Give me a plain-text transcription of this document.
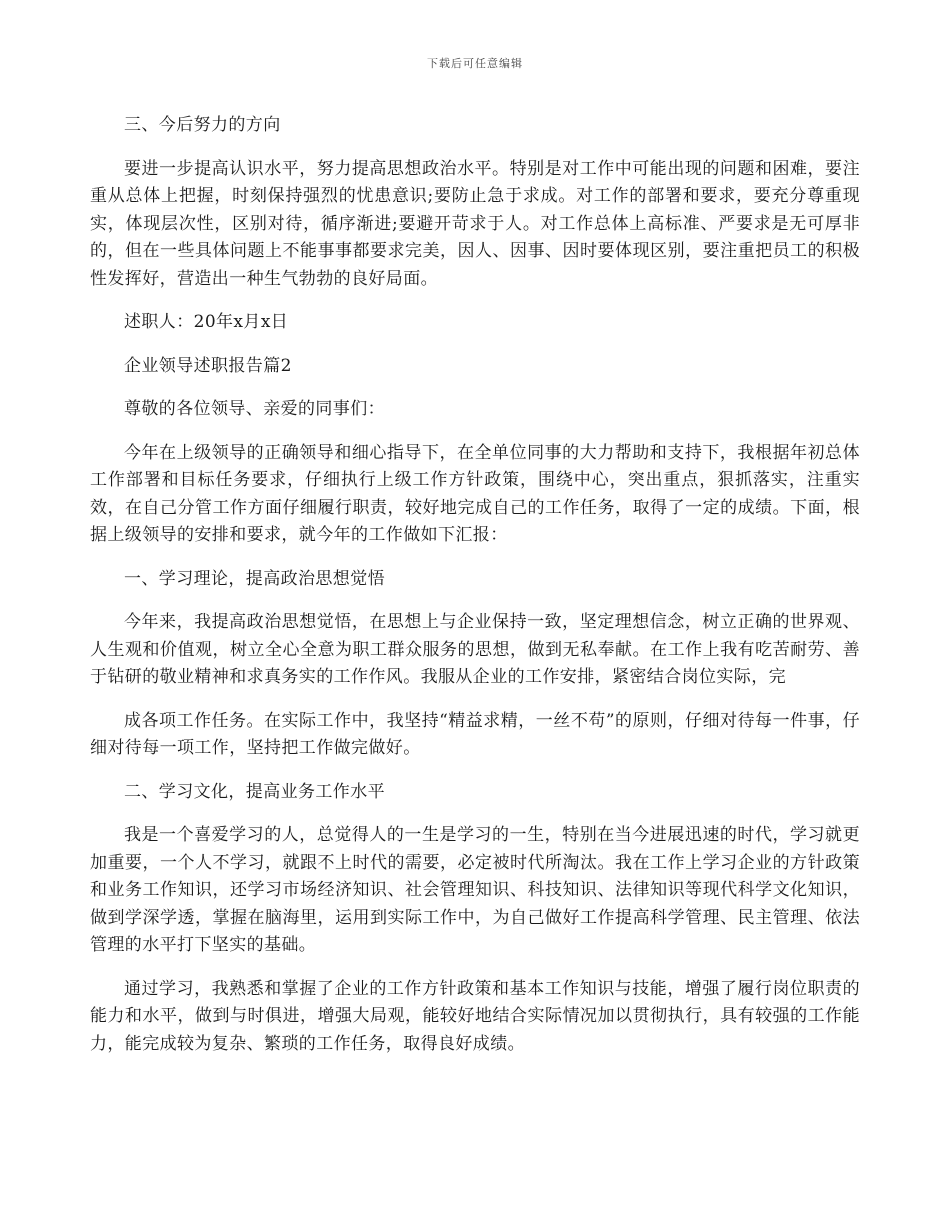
下载后可任意编辑

三、今后努力的方向

要进一步提高认识水平，努力提高思想政治水平。特别是对工作中可能出现的问题和困难，要注重从总体上把握，时刻保持强烈的忧患意识;要防止急于求成。对工作的部署和要求，要充分尊重现实，体现层次性，区别对待，循序渐进;要避开苛求于人。对工作总体上高标准、严要求是无可厚非的，但在一些具体问题上不能事事都要求完美，因人、因事、因时要体现区别，要注重把员工的积极性发挥好，营造出一种生气勃勃的良好局面。

述职人：20年x月x日

企业领导述职报告篇2

尊敬的各位领导、亲爱的同事们：

今年在上级领导的正确领导和细心指导下，在全单位同事的大力帮助和支持下，我根据年初总体工作部署和目标任务要求，仔细执行上级工作方针政策，围绕中心，突出重点，狠抓落实，注重实效，在自己分管工作方面仔细履行职责，较好地完成自己的工作任务，取得了一定的成绩。下面，根据上级领导的安排和要求，就今年的工作做如下汇报：

一、学习理论，提高政治思想觉悟

今年来，我提高政治思想觉悟，在思想上与企业保持一致，坚定理想信念，树立正确的世界观、人生观和价值观，树立全心全意为职工群众服务的思想，做到无私奉献。在工作上我有吃苦耐劳、善于钻研的敬业精神和求真务实的工作作风。我服从企业的工作安排，紧密结合岗位实际，完

成各项工作任务。在实际工作中，我坚持“精益求精，一丝不苟”的原则，仔细对待每一件事，仔细对待每一项工作，坚持把工作做完做好。

二、学习文化，提高业务工作水平

我是一个喜爱学习的人，总觉得人的一生是学习的一生，特别在当今进展迅速的时代，学习就更加重要，一个人不学习，就跟不上时代的需要，必定被时代所淘汰。我在工作上学习企业的方针政策和业务工作知识，还学习市场经济知识、社会管理知识、科技知识、法律知识等现代科学文化知识，做到学深学透，掌握在脑海里，运用到实际工作中，为自己做好工作提高科学管理、民主管理、依法管理的水平打下坚实的基础。

通过学习，我熟悉和掌握了企业的工作方针政策和基本工作知识与技能，增强了履行岗位职责的能力和水平，做到与时俱进，增强大局观，能较好地结合实际情况加以贯彻执行，具有较强的工作能力，能完成较为复杂、繁琐的工作任务，取得良好成绩。
